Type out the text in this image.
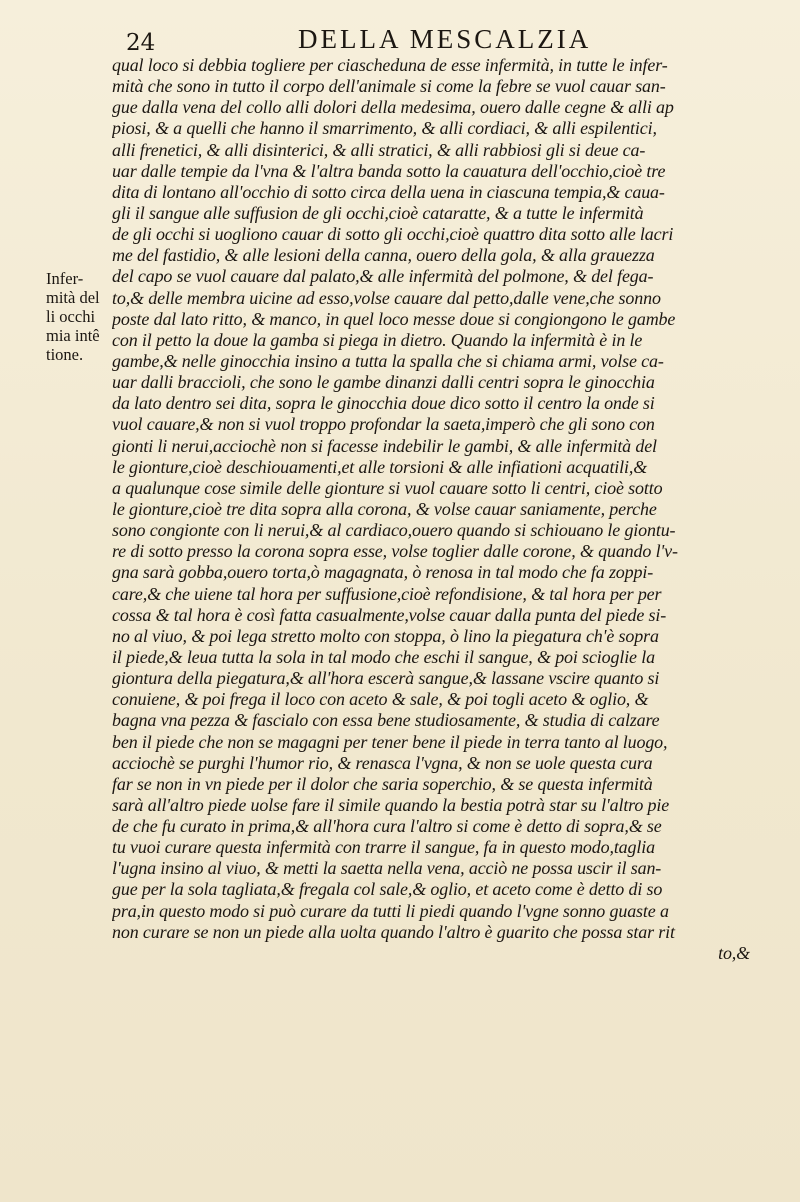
24	DELLA MESCALZIA
Infer-
mità del
li occhi
mia intê
tione.
qual loco si debbia togliere per ciascheduna de esse infermità, in tutte le infer-
mità che sono in tutto il corpo dell'animale si come la febre se vuol cauar san-
gue dalla vena del collo alli dolori della medesima, ouero dalle cegne & alli ap
piosi, & a quelli che hanno il smarrimento, & alli cordiaci, & alli espilentici,
alli frenetici, & alli disinterici, & alli stratici, & alli rabbiosi gli si deue ca-
uar dalle tempie da l'vna & l'altra banda sotto la cauatura dell'occhio,cioè tre
dita di lontano all'occhio di sotto circa della uena in ciascuna tempia,& caua-
gli il sangue alle suffusion de gli occhi,cioè cataratte, & a tutte le infermità
de gli occhi si uogliono cauar di sotto gli occhi,cioè quattro dita sotto alle lacri
me del fastidio, & alle lesioni della canna, ouero della gola, & alla grauezza
del capo se vuol cauare dal palato,& alle infermità del polmone, & del fega-
to,& delle membra uicine ad esso,volse cauare dal petto,dalle vene,che sonno
poste dal lato ritto, & manco, in quel loco messe doue si congiongono le gambe
con il petto la doue la gamba si piega in dietro. Quando la infermità è in le
gambe,& nelle ginocchia insino a tutta la spalla che si chiama armi, volse ca-
uar dalli braccioli, che sono le gambe dinanzi dalli centri sopra le ginocchia
da lato dentro sei dita, sopra le ginocchia doue dico sotto il centro la onde si
vuol cauare,& non si vuol troppo profondar la saeta,imperò che gli sono con
gionti li nerui,acciochè non si facesse indebilir le gambi, & alle infermità del
le gionture,cioè deschiouamenti,et alle torsioni & alle infiationi acquatili,&
a qualunque cose simile delle gionture si vuol cauare sotto li centri, cioè sotto
le gionture,cioè tre dita sopra alla corona, & volse cauar saniamente, perche
sono congionte con li nerui,& al cardiaco,ouero quando si schiouano le giontu-
re di sotto presso la corona sopra esse, volse toglier dalle corone, & quando l'v-
gna sarà gobba,ouero torta,ò magagnata, ò renosa in tal modo che fa zoppi-
care,& che uiene tal hora per suffusione,cioè refondisione, & tal hora per per
cossa & tal hora è così fatta casualmente,volse cauar dalla punta del piede si-
no al viuo, & poi lega stretto molto con stoppa, ò lino la piegatura ch'è sopra
il piede,& leua tutta la sola in tal modo che eschi il sangue, & poi scioglie la
giontura della piegatura,& all'hora escerà sangue,& lassane vscire quanto si
conuiene, & poi frega il loco con aceto & sale, & poi togli aceto & oglio, &
bagna vna pezza & fascialo con essa bene studiosamente, & studia di calzare
ben il piede che non se magagni per tener bene il piede in terra tanto al luogo,
acciochè se purghi l'humor rio, & renasca l'vgna, & non se uole questa cura
far se non in vn piede per il dolor che saria soperchio, & se questa infermità
sarà all'altro piede uolse fare il simile quando la bestia potrà star su l'altro pie
de che fu curato in prima,& all'hora cura l'altro si come è detto di sopra,& se
tu vuoi curare questa infermità con trarre il sangue, fa in questo modo,taglia
l'ugna insino al viuo, & metti la saetta nella vena, acciò ne possa uscir il san-
gue per la sola tagliata,& fregala col sale,& oglio, et aceto come è detto di so
pra,in questo modo si può curare da tutti li piedi quando l'vgne sonno guaste a
non curare se non un piede alla uolta quando l'altro è guarito che possa star rit
to,&
